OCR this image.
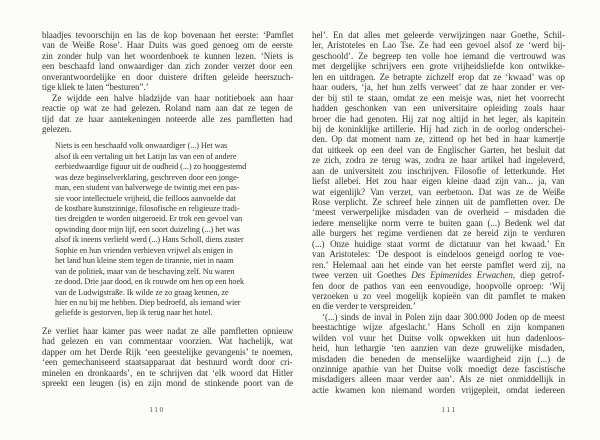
blaadjes tevoorschijn en las de kop bovenaan het eerste: ‘Pamflet
van de Weiße Rose’. Haar Duits was goed genoeg om de eerste
zin zonder hulp van het woordenboek te kunnen lezen. ‘Niets is
een beschaafd land onwaardiger dan zich zonder verzet door een
onverantwoordelijke en door duistere driften geleide heerszuch-
tige kliek te laten “besturen”.’
Ze wijdde een halve bladzijde van haar notitieboek aan haar
reactie op wat ze had gelezen. Roland nam aan dat ze tegen de
tijd dat ze haar aantekeningen noteerde alle zes pamfletten had
gelezen.
Niets is een beschaafd volk onwaardiger (...) Het was
alsof ik een vertaling uit het Latijn las van een of andere
eerbiedwaardige figuur uit de oudheid (...) zo hooggestemd
was deze beginselverklaring, geschreven door een jonge-
man, een student van halverwege de twintig met een pas-
sie voor intellectuele vrijheid, die feilloos aanvoelde dat
de kostbare kunstzinnige, filosofische en religieuze tradi-
ties dreigden te worden uitgeroeid. Er trok een gevoel van
opwinding door mijn lijf, een soort duizeling (...) het was
alsof ik ineens verliefd werd (...) Hans Scholl, diens zuster
Sophie en hun vrienden verhieven vrijwel als enigen in
het land hun kleine stem tegen de tirannie, niet in naam
van de politiek, maar van de beschaving zelf. Nu waren
ze dood. Drie jaar dood, en ik rouwde om hen op een hoek
van de Ludwigstraße. Ik wilde ze zo graag kennen, ze
hier en nu bij me hebben. Diep bedroefd, als iemand wier
geliefde is gestorven, liep ik terug naar het hotel.
Ze verliet haar kamer pas weer nadat ze alle pamfletten opnieuw
had gelezen en van commentaar voorzien. Wat hachelijk, wat
dapper om het Derde Rijk ‘een geestelijke gevangenis’ te noemen,
‘een gemechaniseerd staatsapparaat dat bestuurd wordt door cri-
minelen en dronkaards’, en te schrijven dat ‘elk woord dat Hitler
spreekt een leugen (is) en zijn mond de stinkende poort van de
hel’. En dat alles met geleerde verwijzingen naar Goethe, Schil-
ler, Aristoteles en Lao Tse. Ze had een gevoel alsof ze ‘werd bij-
geschoold’. Ze begreep ten volle hoe iemand die vertrouwd was
met dergelijke schrijvers een grote vrijheidsliefde kon ontwikke-
len en uitdragen. Ze betrapte zichzelf erop dat ze ‘kwaad’ was op
haar ouders, ‘ja, het hun zelfs verweet’ dat ze haar zonder er ver-
der bij stil te staan, omdat ze een meisje was, niet het voorrecht
hadden geschonken van een universitaire opleiding zoals haar
broer die had genoten. Hij zat nog altijd in het leger, als kapitein
bij de koninklijke artillerie. Hij had zich in de oorlog onderschei-
den. Op dat moment nam ze, zittend op het bed in haar kamertje
dat uitkeek op een deel van de Englischer Garten, het besluit dat
ze zich, zodra ze terug was, zodra ze haar artikel had ingeleverd,
aan de universiteit zou inschrijven. Filosofie of letterkunde. Het
liefst allebei. Het zou haar eigen kleine daad zijn van... ja, van
wat eigenlijk? Van verzet, van eerbetoon. Dat was ze de Weiße
Rose verplicht. Ze schreef hele zinnen uit de pamfletten over. De
‘meest verwerpelijke misdaden van de overheid – misdaden die
iedere menselijke norm verre te buiten gaan (...) Bedenk wel dat
alle burgers het regime verdienen dat ze bereid zijn te verduren
(...) Onze huidige staat vormt de dictatuur van het kwaad.’ En
van Aristoteles: ‘De despoot is eindeloos geneigd oorlog te voe-
ren.’ Helemaal aan het einde van het eerste pamflet werd zij, na
twee verzen uit Goethes Des Epimenides Erwachen, diep getrof-
fen door de pathos van een eenvoudige, hoopvolle oproep: ‘Wij
verzoeken u zo veel mogelijk kopieën van dit pamflet te maken
en die verder te verspreiden.’
‘(...) sinds de inval in Polen zijn daar 300.000 Joden op de meest
beestachtige wijze afgeslacht.’ Hans Scholl en zijn kompanen
wilden vol vuur het Duitse volk opwekken uit hun dadenloos-
heid, hun lethargie ‘ten aanzien van deze gruwelijke misdaden,
misdaden die beneden de menselijke waardigheid zijn (...) de
onzinnige apathie van het Duitse volk moedigt deze fascistische
misdadigers alleen maar verder aan’. Als ze niet onmiddellijk in
actie kwamen kon niemand worden vrijgepleit, omdat iedereen
110	111
